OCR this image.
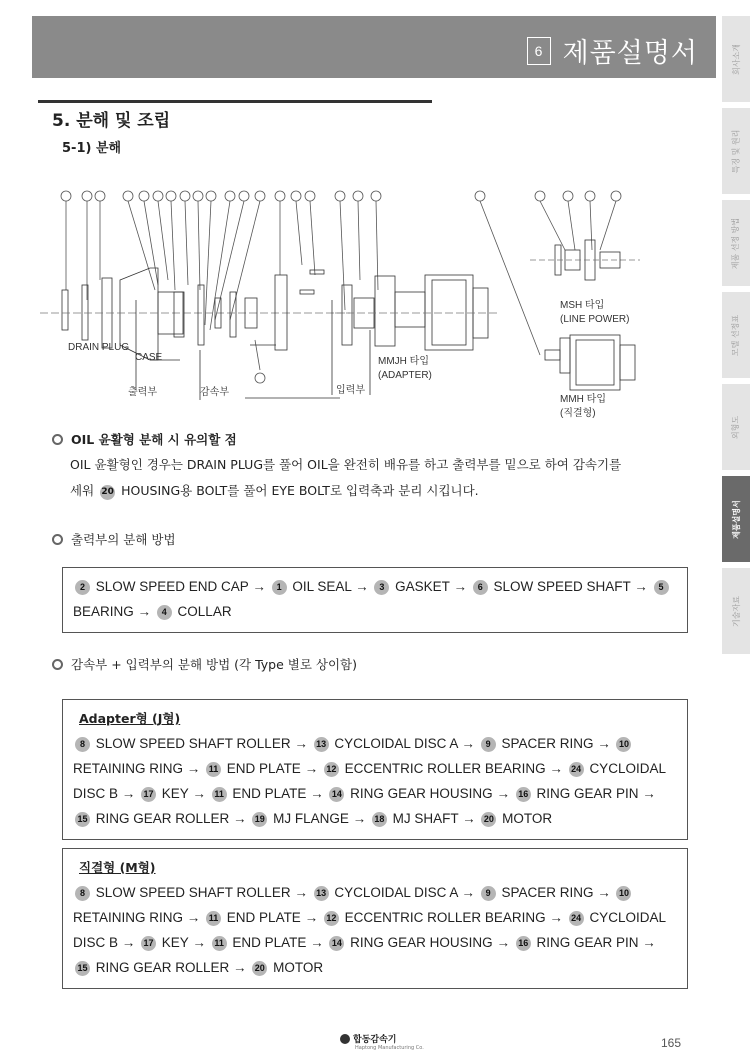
6 제품설명서	회사소개
특징 및 원리
제품 선정 방법
모델 선정표
외형도
제품설명서
기술자료
5. 분해 및 조립
5-1) 분해
DRAIN PLUG
CASE
출력부	감속부	입력부
MMJH 타입
(ADAPTER)
MSH 타입
(LINE POWER)
MMH 타입
(직결형)
OIL 윤활형 분해 시 유의할 점
OIL 윤활형인 경우는 DRAIN PLUG를 풀어 OIL을 완전히 배유를 하고 출력부를 밑으로 하여 감속기를
세워 20 HOUSING용 BOLT를 풀어 EYE BOLT로 입력축과 분리 시킵니다.
출력부의 분해 방법
2 SLOW SPEED END CAP → 1 OIL SEAL → 3 GASKET → 6 SLOW SPEED SHAFT → 5 BEARING → 4 COLLAR
감속부 + 입력부의 분해 방법 (각 Type 별로 상이함)
Adapter형 (J형)
8 SLOW SPEED SHAFT ROLLER → 13 CYCLOIDAL DISC A → 9 SPACER RING → 10 RETAINING RING → 11 END PLATE → 12 ECCENTRIC ROLLER BEARING → 24 CYCLOIDAL DISC B → 17 KEY → 11 END PLATE → 14 RING GEAR HOUSING → 16 RING GEAR PIN → 15 RING GEAR ROLLER → 19 MJ FLANGE → 18 MJ SHAFT → 20 MOTOR
직결형 (M형)
8 SLOW SPEED SHAFT ROLLER → 13 CYCLOIDAL DISC A → 9 SPACER RING → 10 RETAINING RING → 11 END PLATE → 12 ECCENTRIC ROLLER BEARING → 24 CYCLOIDAL DISC B → 17 KEY → 11 END PLATE → 14 RING GEAR HOUSING → 16 RING GEAR PIN → 15 RING GEAR ROLLER → 20 MOTOR
합동감속기
Haptong Manufacturing Co.	165
